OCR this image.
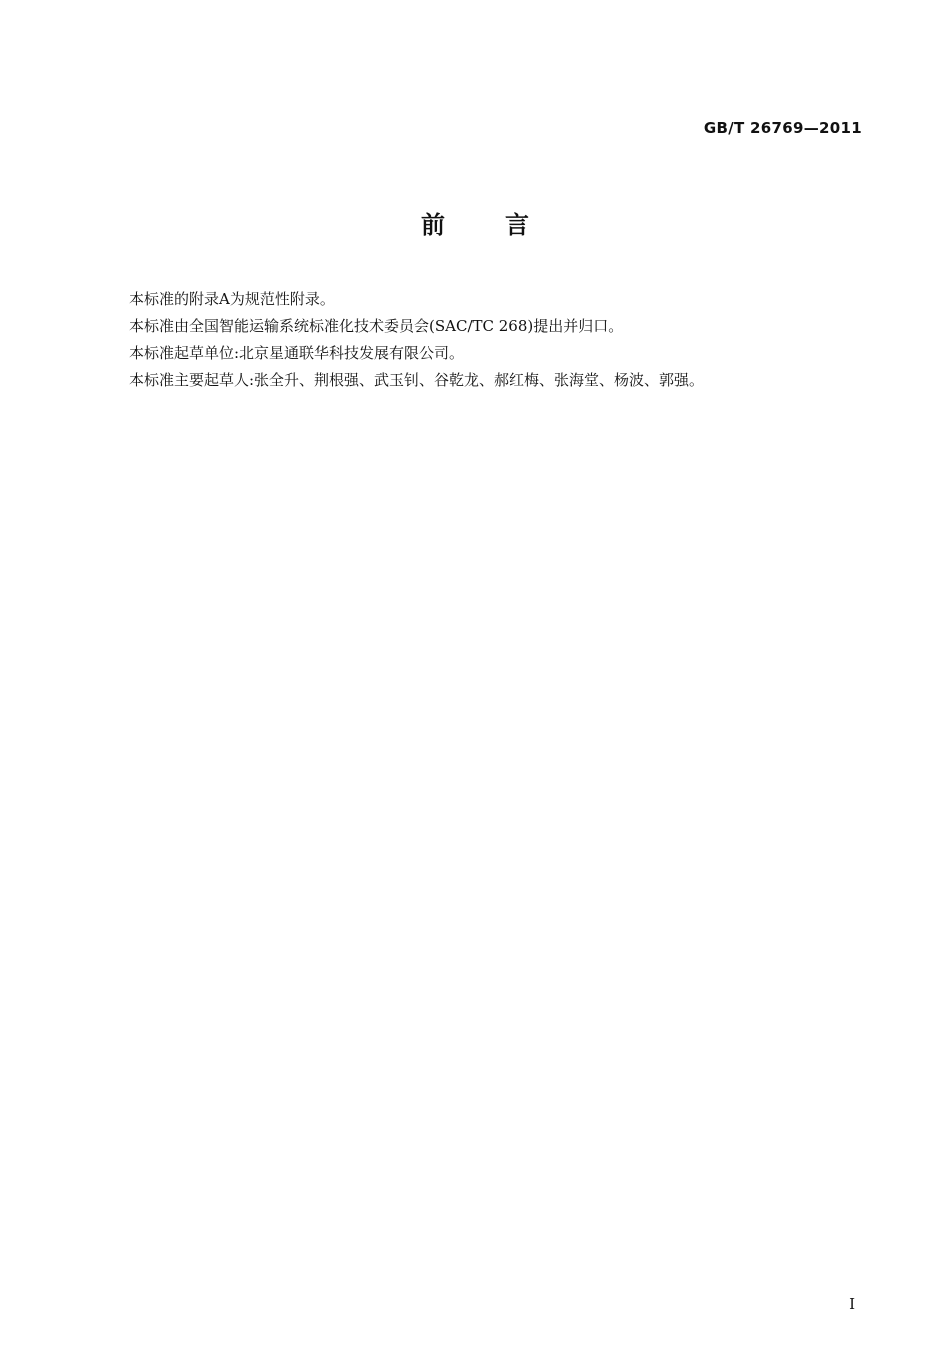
GB/T 26769—2011
前言

本标准的附录A为规范性附录。

本标准由全国智能运输系统标准化技术委员会(SAC/TC 268)提出并归口。

本标准起草单位:北京星通联华科技发展有限公司。

本标准主要起草人:张全升、荆根强、武玉钊、谷乾龙、郝红梅、张海堂、杨波、郭强。

I
